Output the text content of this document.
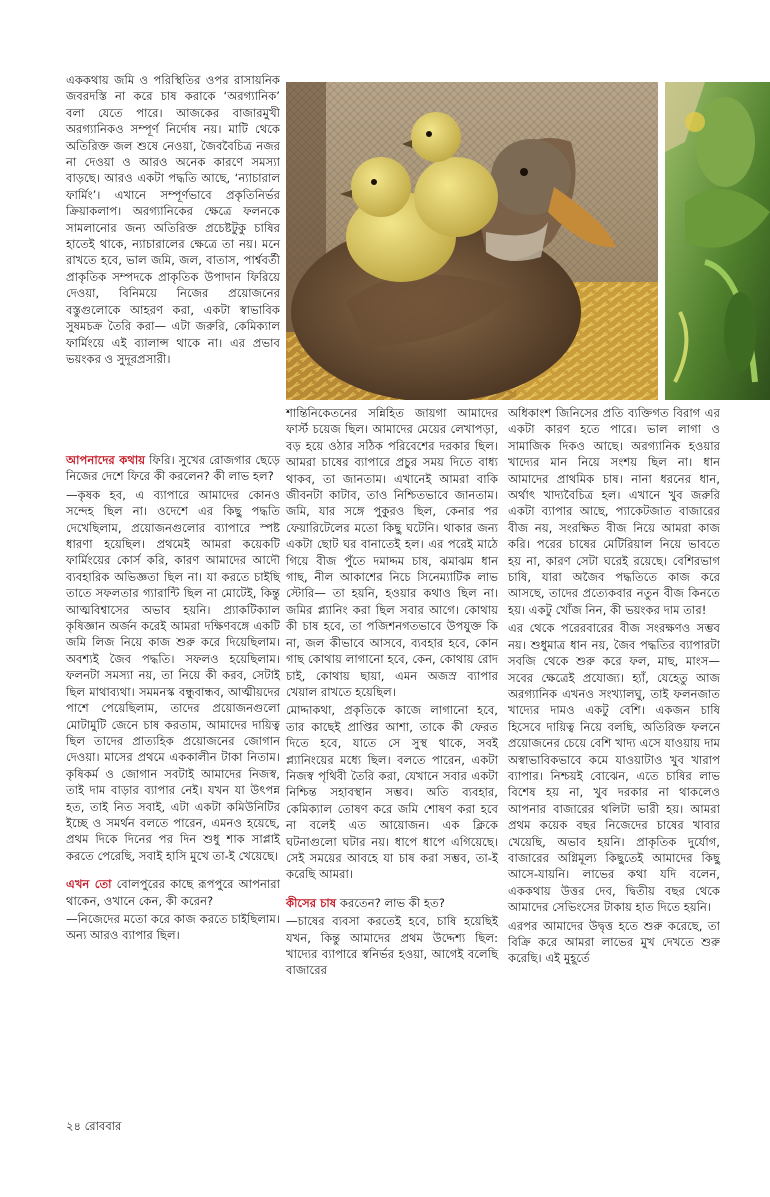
এককথায় জমি ও পরিস্থিতির ওপর রাসায়নিক জবরদস্তি না করে চাষ করাকে ‘অরগ্যানিক’ বলা যেতে পারে। আজকের বাজারমুখী অরগ্যানিকও সম্পূর্ণ নির্দোষ নয়। মাটি থেকে অতিরিক্ত জল শুষে নেওয়া, জৈববৈচিত্র নজর না দেওয়া ও আরও অনেক কারণে সমস্যা বাড়ছে। আরও একটা পদ্ধতি আছে, ‘ন্যাচারাল ফার্মিং’। এখানে সম্পূর্ণভাবে প্রকৃতিনির্ভর ক্রিয়াকলাপ। অরগ্যানিকের ক্ষেত্রে ফলনকে সামলানোর জন্য অতিরিক্ত প্রচেষ্টটুকু চাষির হাতেই থাকে, ন্যাচারালের ক্ষেত্রে তা নয়। মনে রাখতে হবে, ভাল জমি, জল, বাতাস, পার্শ্ববর্তী প্রাকৃতিক সম্পদকে প্রাকৃতিক উপাদান ফিরিয়ে দেওয়া, বিনিময়ে নিজের প্রয়োজনের বস্তুগুলোকে আহরণ করা, একটা স্বাভাবিক সুষমচক্র তৈরি করা— এটা জরুরি, কেমিক্যাল ফার্মিংয়ে এই ব্যালান্স থাকে না। এর প্রভাব ভয়ংকর ও সুদূরপ্রসারী।

আপনাদের কথায় ফিরি। সুখের রোজগার ছেড়ে নিজের দেশে ফিরে কী করলেন? কী লাভ হল?

—কৃষক হব, এ ব্যাপারে আমাদের কোনও সন্দেহ ছিল না। ওদেশে এর কিছু পদ্ধতি দেখেছিলাম, প্রয়োজনগুলোর ব্যাপারে স্পষ্ট ধারণা হয়েছিল। প্রথমেই আমরা কয়েকটি ফার্মিংয়ের কোর্স করি, কারণ আমাদের আদৌ ব্যবহারিক অভিজ্ঞতা ছিল না। যা করতে চাইছি তাতে সফলতার গ্যারান্টি ছিল না মোটেই, কিন্তু আত্মবিশ্বাসের অভাব হয়নি। প্র্যাকটিক্যাল কৃষিজ্ঞান অর্জন করেই আমরা দক্ষিণবঙ্গে একটি জমি লিজ নিয়ে কাজ শুরু করে দিয়েছিলাম। অবশ্যই জৈব পদ্ধতি। সফলও হয়েছিলাম। ফলনটা সমস্যা নয়, তা নিয়ে কী করব, সেটাই ছিল মাথাব্যথা। সমমনস্ক বন্ধুবান্ধব, আত্মীয়দের পাশে পেয়েছিলাম, তাদের প্রয়োজনগুলো মোটামুটি জেনে চাষ করতাম, আমাদের দায়িত্ব ছিল তাদের প্রাত্যহিক প্রয়োজনের জোগান দেওয়া। মাসের প্রথমে এককালীন টাকা নিতাম। কৃষিকর্ম ও জোগান সবটাই আমাদের নিজস্ব, তাই দাম বাড়ার ব্যাপার নেই। যখন যা উৎপন্ন হত, তাই নিত সবাই, এটা একটা কমিউনিটির ইচ্ছে ও সমর্থন বলতে পারেন, এমনও হয়েছে, প্রথম দিকে দিনের পর দিন শুধু শাক সাপ্লাই করতে পেরেছি, সবাই হাসি মুখে তা-ই খেয়েছে।

এখন তো বোলপুরের কাছে রূপপুরে আপনারা থাকেন, ওখানে কেন, কী করেন?

—নিজেদের মতো করে কাজ করতে চাইছিলাম। অন্য আরও ব্যাপার ছিল।

শান্তিনিকেতনের সন্নিহিত জায়গা আমাদের ফার্স্ট চয়েজ ছিল। আমাদের মেয়ের লেখাপড়া, বড় হয়ে ওঠার সঠিক পরিবেশের দরকার ছিল। আমরা চাষের ব্যাপারে প্রচুর সময় দিতে বাধ্য থাকব, তা জানতাম। এখানেই আমরা বাকি জীবনটা কাটাব, তাও নিশ্চিতভাবে জানতাম। জমি, যার সঙ্গে পুকুরও ছিল, কেনার পর ফেয়ারিটেলের মতো কিছু ঘটেনি। থাকার জন্য একটা ছোট ঘর বানাতেই হল। এর পরেই মাঠে গিয়ে বীজ পুঁতে দমাদ্দম চাষ, ঝমাঝম ধান গাছ, নীল আকাশের নিচে সিনেম্যাটিক লাভ স্টোরি— তা হয়নি, হওয়ার কথাও ছিল না। জমির প্ল্যানিং করা ছিল সবার আগে। কোথায় কী চাষ হবে, তা পজিশনগতভাবে উপযুক্ত কি না, জল কীভাবে আসবে, ব্যবহার হবে, কোন গাছ কোথায় লাগানো হবে, কেন, কোথায় রোদ চাই, কোথায় ছায়া, এমন অজস্র ব্যাপার খেয়াল রাখতে হয়েছিল।

মোদ্দাকথা, প্রকৃতিকে কাজে লাগানো হবে, তার কাছেই প্রাপ্তির আশা, তাকে কী ফেরত দিতে হবে, যাতে সে সুস্থ থাকে, সবই প্ল্যানিংয়ের মধ্যে ছিল। বলতে পারেন, একটা নিজস্ব পৃথিবী তৈরি করা, যেখানে সবার একটা নিশ্চিন্ত সহাবস্থান সম্ভব। অতি ব্যবহার, কেমিক্যাল তোষণ করে জমি শোষণ করা হবে না বলেই এত আয়োজন। এক ক্লিকে ঘটনাগুলো ঘটার নয়। ধাপে ধাপে এগিয়েছে। সেই সময়ের আবহে যা চাষ করা সম্ভব, তা-ই করেছি আমরা।

কীসের চাষ করতেন? লাভ কী হত?

—চাষের ব্যবসা করতেই হবে, চাষি হয়েছিই যখন, কিন্তু আমাদের প্রথম উদ্দেশ্য ছিল: খাদ্যের ব্যাপারে স্বনির্ভর হওয়া, আগেই বলেছি বাজারের

অধিকাংশ জিনিসের প্রতি ব্যক্তিগত বিরাগ এর একটা কারণ হতে পারে। ভাল লাগা ও সামাজিক দিকও আছে। অরগ্যানিক হওয়ার খাদ্যের মান নিয়ে সংশয় ছিল না। ধান আমাদের প্রাথমিক চাষ। নানা ধরনের ধান, অর্থাৎ খাদ্যবৈচিত্র হল। এখানে খুব জরুরি একটা ব্যাপার আছে, প্যাকেটজাত বাজারের বীজ নয়, সংরক্ষিত বীজ নিয়ে আমরা কাজ করি। পরের চাষের মেটিরিয়াল নিয়ে ভাবতে হয় না, কারণ সেটা ঘরেই রয়েছে। বেশিরভাগ চাষি, যারা অজৈব পদ্ধতিতে কাজ করে আসছে, তাদের প্রত্যেকবার নতুন বীজ কিনতে হয়। একটু খোঁজ নিন, কী ভয়ংকর দাম তার!

এর থেকে পরেরবারের বীজ সংরক্ষণও সম্ভব নয়। শুধুমাত্র ধান নয়, জৈব পদ্ধতির ব্যাপারটা সবজি থেকে শুরু করে ফল, মাছ, মাংস— সবের ক্ষেত্রেই প্রযোজ্য। হ্যাঁ, যেহেতু আজ অরগ্যানিক এখনও সংখ্যালঘু, তাই ফলনজাত খাদ্যের দামও একটু বেশি। একজন চাষি হিসেবে দায়িত্ব নিয়ে বলছি, অতিরিক্ত ফলনে প্রয়োজনের চেয়ে বেশি খাদ্য এসে যাওয়ায় দাম অস্বাভাবিকভাবে কমে যাওয়াটাও খুব খারাপ ব্যাপার। নিশ্চয়ই বোঝেন, এতে চাষির লাভ বিশেষ হয় না, খুব দরকার না থাকলেও আপনার বাজারের থলিটা ভারী হয়। আমরা প্রথম কয়েক বছর নিজেদের চাষের খাবার খেয়েছি, অভাব হয়নি। প্রাকৃতিক দুর্যোগ, বাজারের অগ্নিমূল্য কিছুতেই আমাদের কিছু আসে-যায়নি। লাভের কথা যদি বলেন, এককথায় উত্তর দেব, দ্বিতীয় বছর থেকে আমাদের সেভিংসের টাকায় হাত দিতে হয়নি।

এরপর আমাদের উদ্বৃত্ত হতে শুরু করেছে, তা বিক্রি করে আমরা লাভের মুখ দেখতে শুরু করেছি। এই মুহূর্তে

২৪ রোববার
